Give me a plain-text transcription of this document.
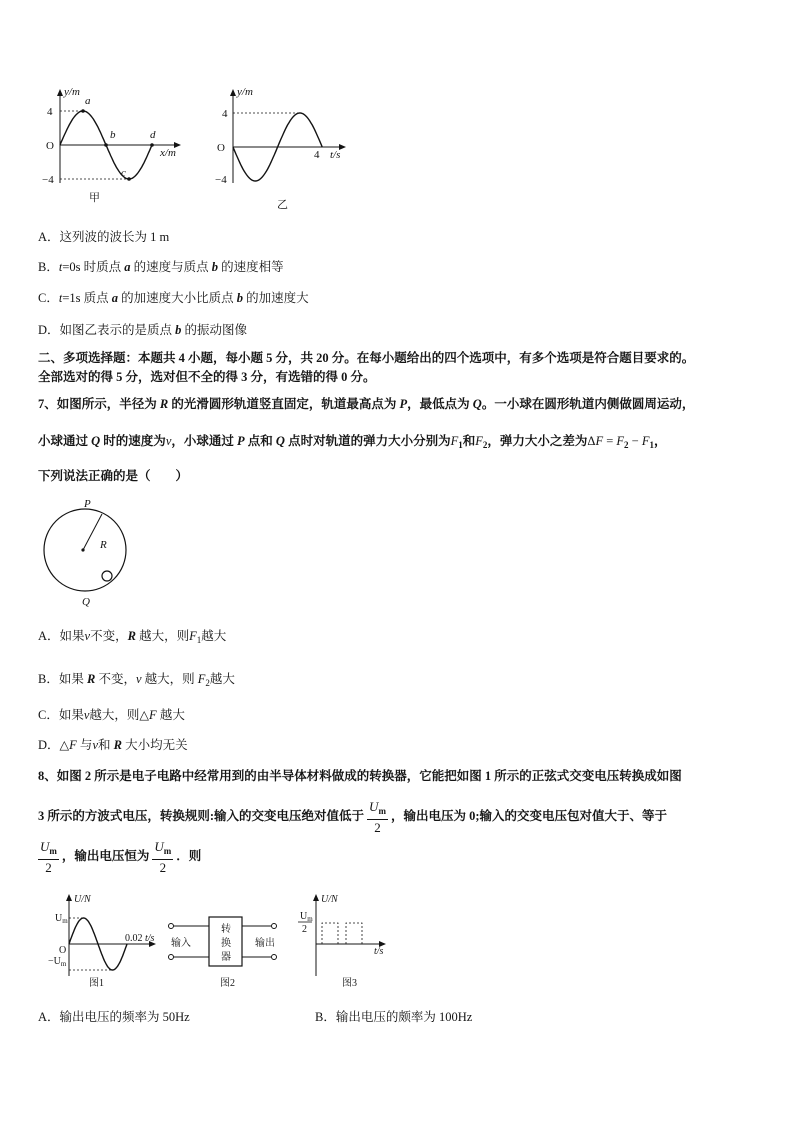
y/m
4
O
−4
x/m
a
b
c
d
甲
y/m
4
O
−4
4 t/s
乙
A．这列波的波长为 1 m
B．t=0s 时质点 a 的速度与质点 b 的速度相等
C．t=1s 质点 a 的加速度大小比质点 b 的加速度大
D．如图乙表示的是质点 b 的振动图像
二、多项选择题：本题共 4 小题，每小题 5 分，共 20 分。在每小题给出的四个选项中，有多个选项是符合题目要求的。
全部选对的得 5 分，选对但不全的得 3 分，有选错的得 0 分。
7、如图所示，半径为 R 的光滑圆形轨道竖直固定，轨道最高点为 P，最低点为 Q。一小球在圆形轨道内侧做圆周运动，
小球通过 Q 时的速度为v，小球通过 P 点和 Q 点时对轨道的弹力大小分别为$F_1$和$F_2$，弹力大小之差为$\Delta F = F_2 - F_1$，
下列说法正确的是（　　）
P
R
Q
A．如果v不变，R 越大，则$F_1$越大
B．如果 R 不变，v 越大，则 $F_2$越大
C．如果v越大，则△F 越大
D．△F 与v和 R 大小均无关
8、如图 2 所示是电子电路中经常用到的由半导体材料做成的转换器，它能把如图 1 所示的正弦式交变电压转换成如图
3 所示的方波式电压，转换规则:输入的交变电压绝对值低于 $\frac{U_m}{2}$ ，输出电压为 0;输入的交变电压包对值大于、等于
$\frac{U_m}{2}$ ，输出电压恒为 $\frac{U_m}{2}$ ．则
U/N
$U_m$
O
$-U_m$
0.02 t/s
图1
输入	输出
转
换
器
图2
U/N
$U_m$
2
t/s
图3
A．输出电压的频率为 50Hz	B．输出电压的颇率为 100Hz
